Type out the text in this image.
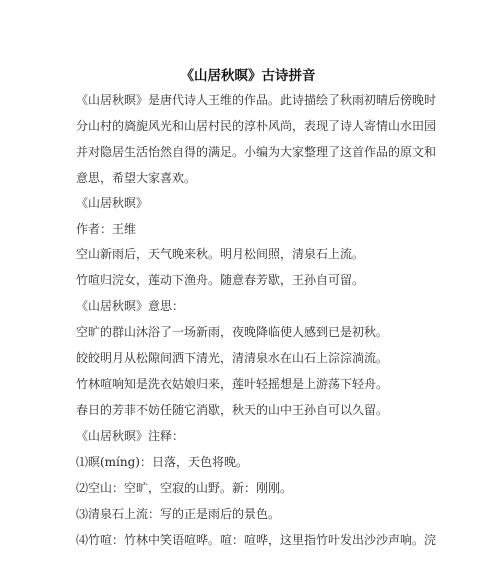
《山居秋暝》古诗拼音
《山居秋暝》是唐代诗人王维的作品。此诗描绘了秋雨初晴后傍晚时
分山村的旖旎风光和山居村民的淳朴风尚，表现了诗人寄情山水田园
并对隐居生活怡然自得的满足。小编为大家整理了这首作品的原文和
意思，希望大家喜欢。
《山居秋暝》
作者：王维
空山新雨后，天气晚来秋。明月松间照，清泉石上流。
竹喧归浣女，莲动下渔舟。随意春芳歇，王孙自可留。
《山居秋暝》意思：
空旷的群山沐浴了一场新雨，夜晚降临使人感到已是初秋。
皎皎明月从松隙间洒下清光，清清泉水在山石上淙淙淌流。
竹林喧响知是洗衣姑娘归来，莲叶轻摇想是上游荡下轻舟。
春日的芳菲不妨任随它消歇，秋天的山中王孙自可以久留。
《山居秋暝》注释：
⑴暝(míng)：日落，天色将晚。
⑵空山：空旷，空寂的山野。新：刚刚。
⑶清泉石上流：写的正是雨后的景色。
⑷竹喧：竹林中笑语喧哗。喧：喧哗，这里指竹叶发出沙沙声响。浣
